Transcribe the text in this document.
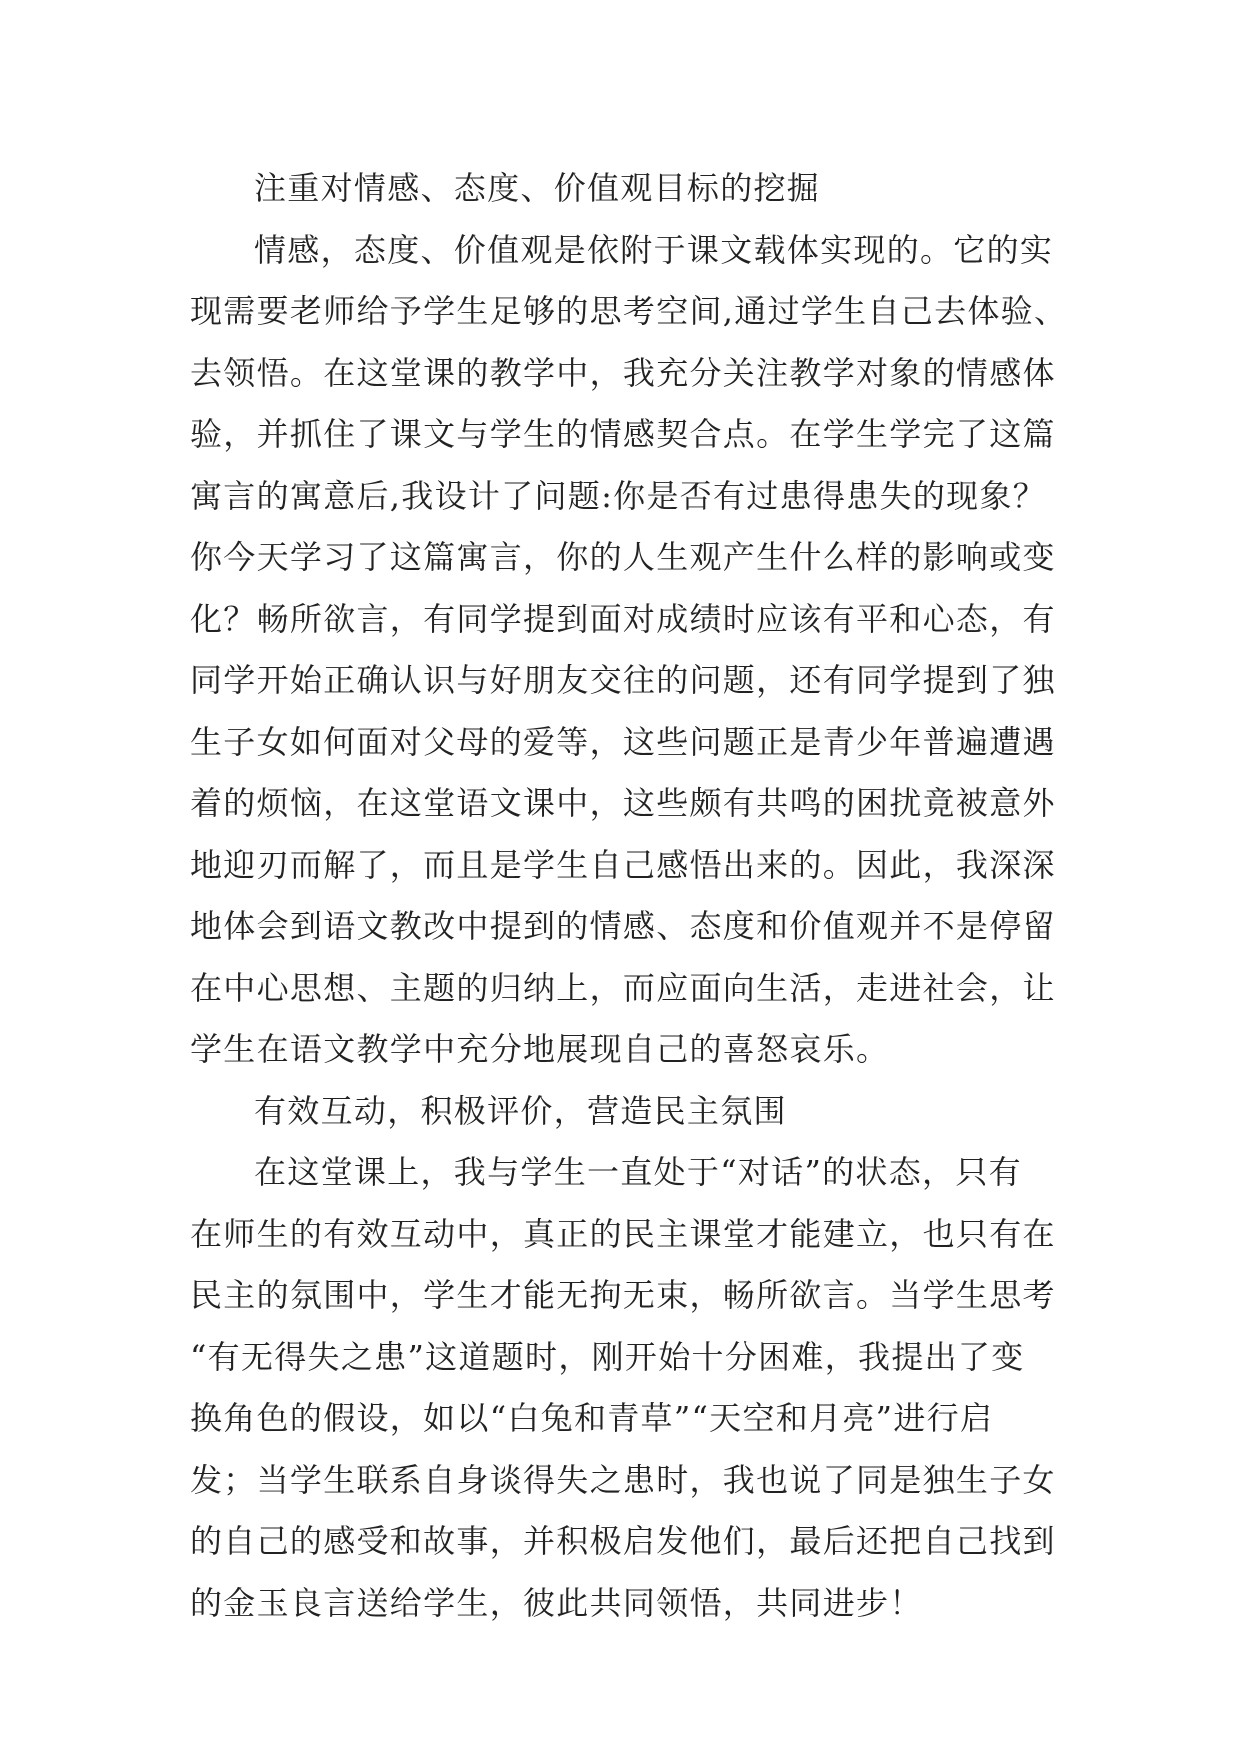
注重对情感、态度、价值观目标的挖掘
情感，态度、价值观是依附于课文载体实现的。它的实
现需要老师给予学生足够的思考空间,通过学生自己去体验、
去领悟。在这堂课的教学中，我充分关注教学对象的情感体
验，并抓住了课文与学生的情感契合点。在学生学完了这篇
寓言的寓意后,我设计了问题:你是否有过患得患失的现象？
你今天学习了这篇寓言，你的人生观产生什么样的影响或变
化？畅所欲言，有同学提到面对成绩时应该有平和心态，有
同学开始正确认识与好朋友交往的问题，还有同学提到了独
生子女如何面对父母的爱等，这些问题正是青少年普遍遭遇
着的烦恼，在这堂语文课中，这些颇有共鸣的困扰竟被意外
地迎刃而解了，而且是学生自己感悟出来的。因此，我深深
地体会到语文教改中提到的情感、态度和价值观并不是停留
在中心思想、主题的归纳上，而应面向生活，走进社会，让
学生在语文教学中充分地展现自己的喜怒哀乐。
有效互动，积极评价，营造民主氛围
在这堂课上，我与学生一直处于“对话”的状态，只有
在师生的有效互动中，真正的民主课堂才能建立，也只有在
民主的氛围中，学生才能无拘无束，畅所欲言。当学生思考
“有无得失之患”这道题时，刚开始十分困难，我提出了变
换角色的假设，如以“白兔和青草”“天空和月亮”进行启
发；当学生联系自身谈得失之患时，我也说了同是独生子女
的自己的感受和故事，并积极启发他们，最后还把自己找到
的金玉良言送给学生，彼此共同领悟，共同进步！
